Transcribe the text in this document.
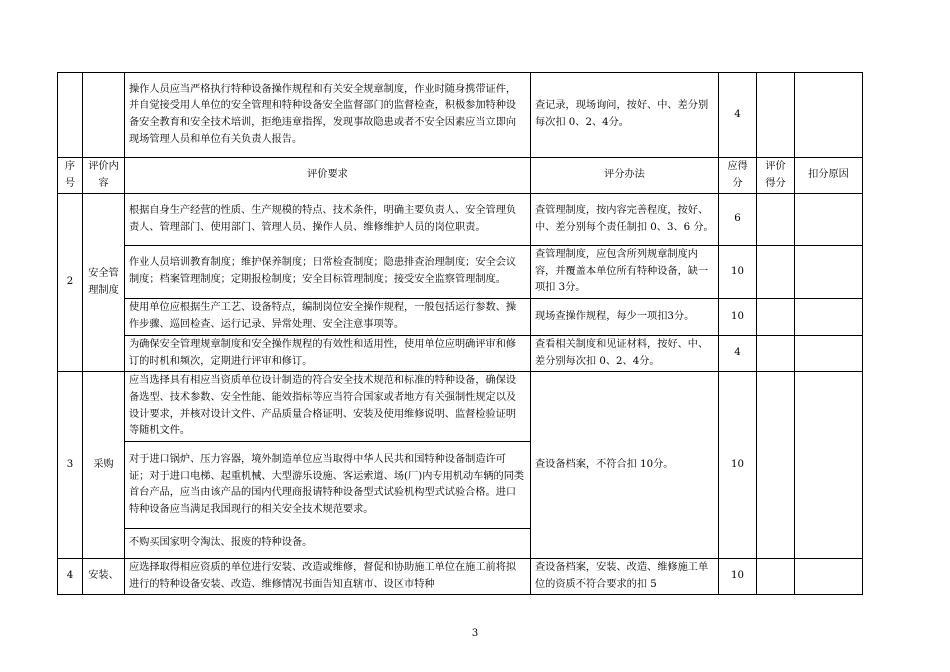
		操作人员应当严格执行特种设备操作规程和有关安全规章制度，作业时随身携带证件，并自觉接受用人单位的安全管理和特种设备安全监督部门的监督检查，积极参加特种设备安全教育和安全技术培训，拒绝违章指挥，发现事故隐患或者不安全因素应当立即向现场管理人员和单位有关负责人报告。	查记录，现场询问，按好、中、差分别每次扣 0、2、4分。	4		
序号	评价内容	评价要求	评分办法	应得分	评价得分	扣分原因
2	安全管理制度	根据自身生产经营的性质、生产规模的特点、技术条件，明确主要负责人、安全管理负责人、管理部门、使用部门、管理人员、操作人员、维修维护人员的岗位职责。	查管理制度，按内容完善程度，按好、中、差分别每个责任制扣 0、3、6 分。	6		
		作业人员培训教育制度；维护保养制度；日常检查制度；隐患排查治理制度；安全会议制度；档案管理制度；定期报检制度；安全目标管理制度；接受安全监察管理制度。	查管理制度，应包含所列规章制度内容，并覆盖本单位所有特种设备，缺一项扣 3分。	10		
		使用单位应根据生产工艺、设备特点，编制岗位安全操作规程，一般包括运行参数、操作步骤、巡回检查、运行记录、异常处理、安全注意事项等。	现场查操作规程，每少一项扣3分。	10		
		为确保安全管理规章制度和安全操作规程的有效性和适用性，使用单位应明确评审和修订的时机和频次，定期进行评审和修订。	查看相关制度和见证材料，按好、中、差分别每次扣 0、2、4分。	4		
3	采购	应当选择具有相应当资质单位设计制造的符合安全技术规范和标准的特种设备，确保设备选型、技术参数、安全性能、能效指标等应当符合国家或者地方有关强制性规定以及设计要求，并核对设计文件、产品质量合格证明、安装及使用维修说明、监督检验证明等随机文件。	查设备档案，不符合扣 10分。	10		
		对于进口锅炉、压力容器，境外制造单位应当取得中华人民共和国特种设备制造许可证；对于进口电梯、起重机械、大型游乐设施、客运索道、场(厂)内专用机动车辆的同类首台产品，应当由该产品的国内代理商报请特种设备型式试验机构型式试验合格。进口特种设备应当满足我国现行的相关安全技术规范要求。				
		不购买国家明令淘汰、报废的特种设备。				
4	安装、	应选择取得相应资质的单位进行安装、改造或维修，督促和协助施工单位在施工前将拟进行的特种设备安装、改造、维修情况书面告知直辖市、设区市特种	查设备档案，安装、改造、维修施工单位的资质不符合要求的扣 5	10		
3
